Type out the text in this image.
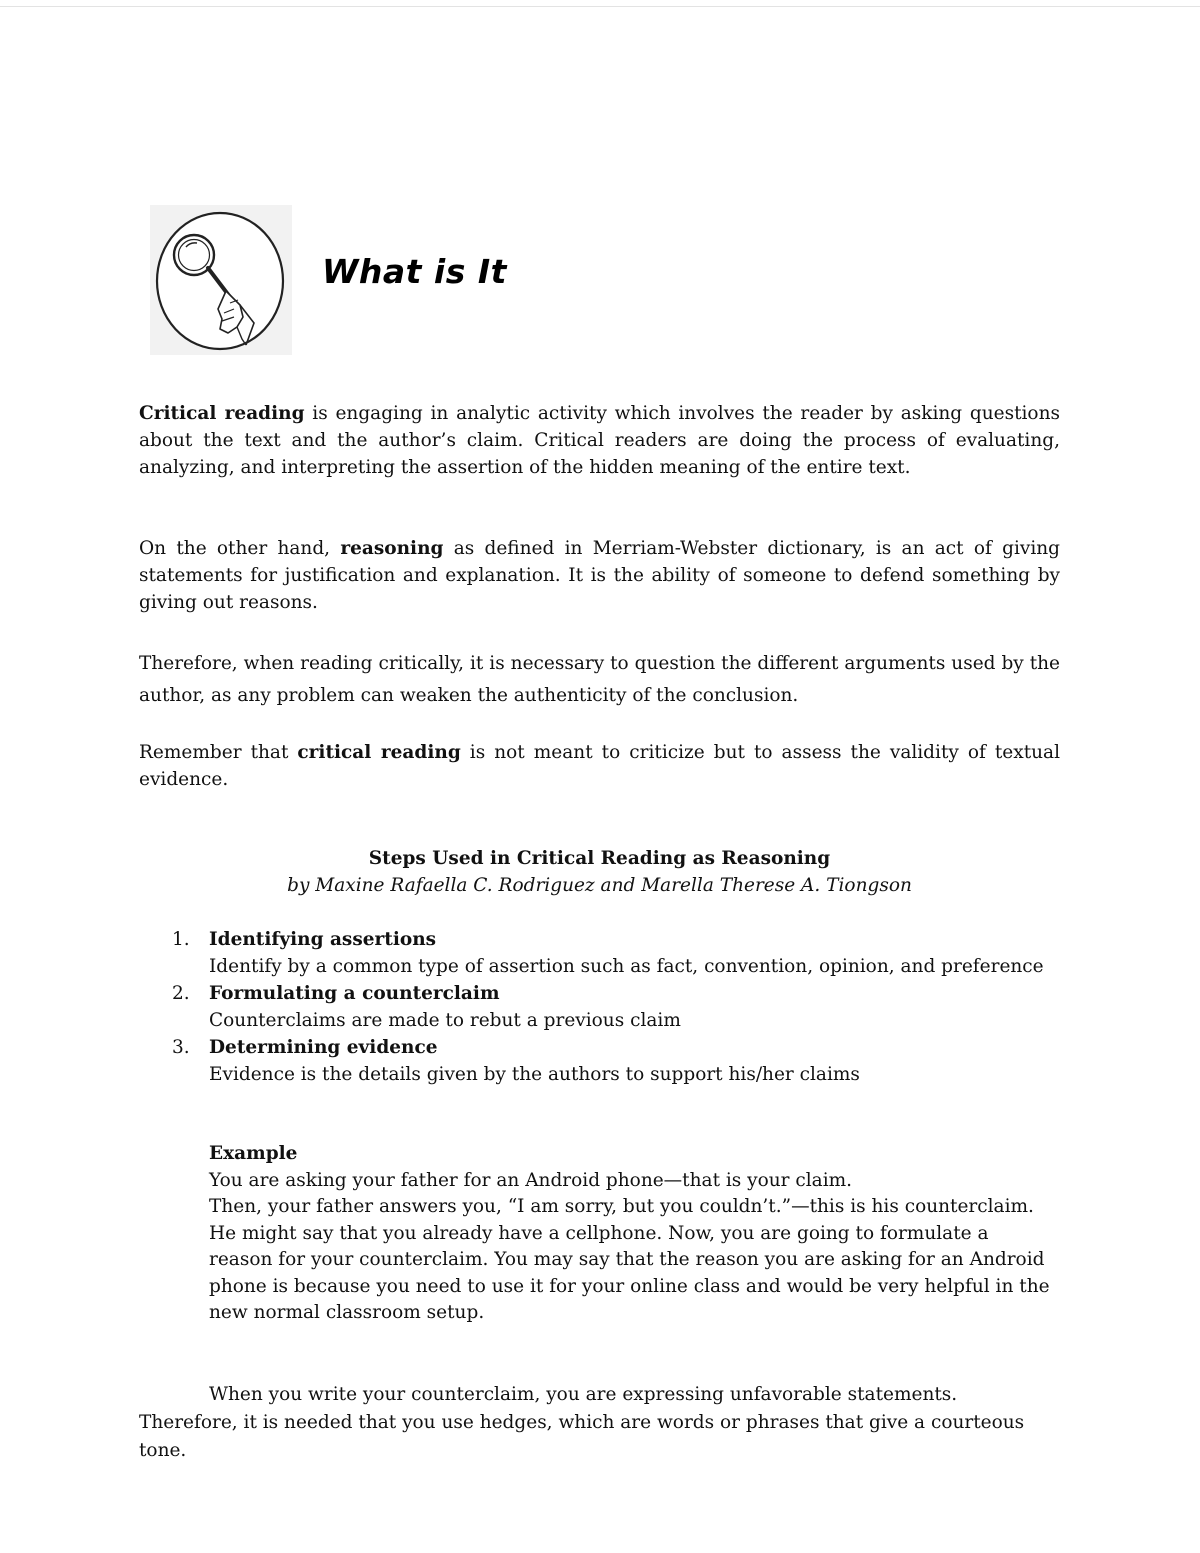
What is It
Critical reading is engaging in analytic activity which involves the reader by asking questions about the text and the author’s claim. Critical readers are doing the process of evaluating, analyzing, and interpreting the assertion of the hidden meaning of the entire text.
On the other hand, reasoning as defined in Merriam-Webster dictionary, is an act of giving statements for justification and explanation. It is the ability of someone to defend something by giving out reasons.
Therefore, when reading critically, it is necessary to question the different arguments used by the author, as any problem can weaken the authenticity of the conclusion.
Remember that critical reading is not meant to criticize but to assess the validity of textual evidence.
Steps Used in Critical Reading as Reasoning
by Maxine Rafaella C. Rodriguez and Marella Therese A. Tiongson
1.	Identifying assertions
Identify by a common type of assertion such as fact, convention, opinion, and preference
2.	Formulating a counterclaim
Counterclaims are made to rebut a previous claim
3.	Determining evidence
Evidence is the details given by the authors to support his/her claims
Example
You are asking your father for an Android phone—that is your claim.
Then, your father answers you, “I am sorry, but you couldn’t.”—this is his counterclaim.
He might say that you already have a cellphone. Now, you are going to formulate a reason for your counterclaim. You may say that the reason you are asking for an Android phone is because you need to use it for your online class and would be very helpful in the new normal classroom setup.
When you write your counterclaim, you are expressing unfavorable statements. Therefore, it is needed that you use hedges, which are words or phrases that give a courteous tone.
